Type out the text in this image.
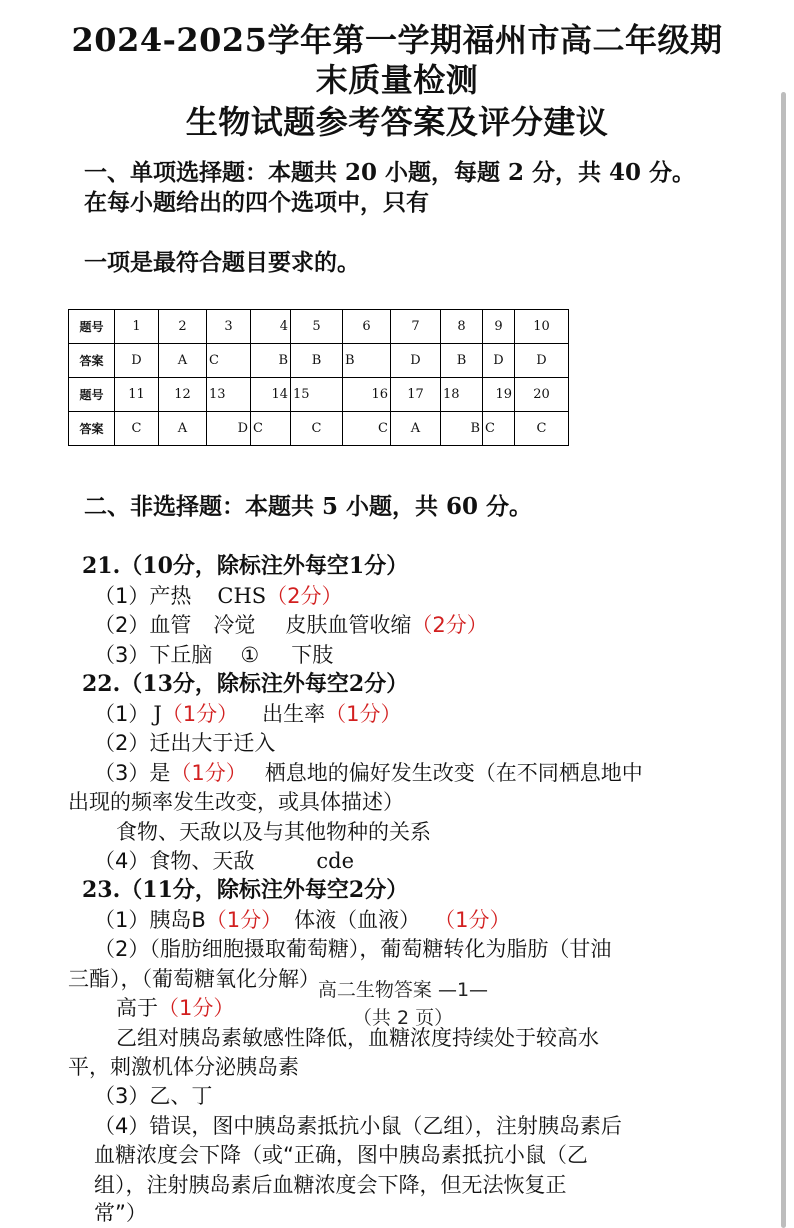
2024-2025学年第一学期福州市高二年级期
末质量检测
生物试题参考答案及评分建议
一、单项选择题：本题共 20 小题，每题 2 分，共 40 分。
在每小题给出的四个选项中，只有
一项是最符合题目要求的。
题号	1	2	3	4	5	6	7	8	9	10
答案	D	A	C	B	B	B	D	B	D	D
题号	11	12	13	14	15	16	17	18	19	20
答案	C	A	D	C	C	C	A	B	C	C
二、非选择题：本题共 5 小题，共 60 分。
21.（10分，除标注外每空1分）
（1）产热 CHS（2分）
（2）血管 冷觉 皮肤血管收缩（2分）
（3）下丘脑 ① 下肢
22.（13分，除标注外每空2分）
（1） J（1分） 出生率（1分）
（2）迁出大于迁入
（3）是（1分） 栖息地的偏好发生改变（在不同栖息地中
出现的频率发生改变，或具体描述）
食物、天敌以及与其他物种的关系
（4）食物、天敌	cde
23.（11分，除标注外每空2分）
（1）胰岛B（1分） 体液（血液） （1分）
（2）（脂肪细胞摄取葡萄糖），葡萄糖转化为脂肪（甘油
三酯），（葡萄糖氧化分解）
高于（1分）
乙组对胰岛素敏感性降低，血糖浓度持续处于较高水
平，刺激机体分泌胰岛素
（3）乙、丁
（4）错误，图中胰岛素抵抗小鼠（乙组），注射胰岛素后
血糖浓度会下降（或“正确，图中胰岛素抵抗小鼠（乙
组），注射胰岛素后血糖浓度会下降，但无法恢复正
常”）
高二生物答案 —1—
（共 2 页）
